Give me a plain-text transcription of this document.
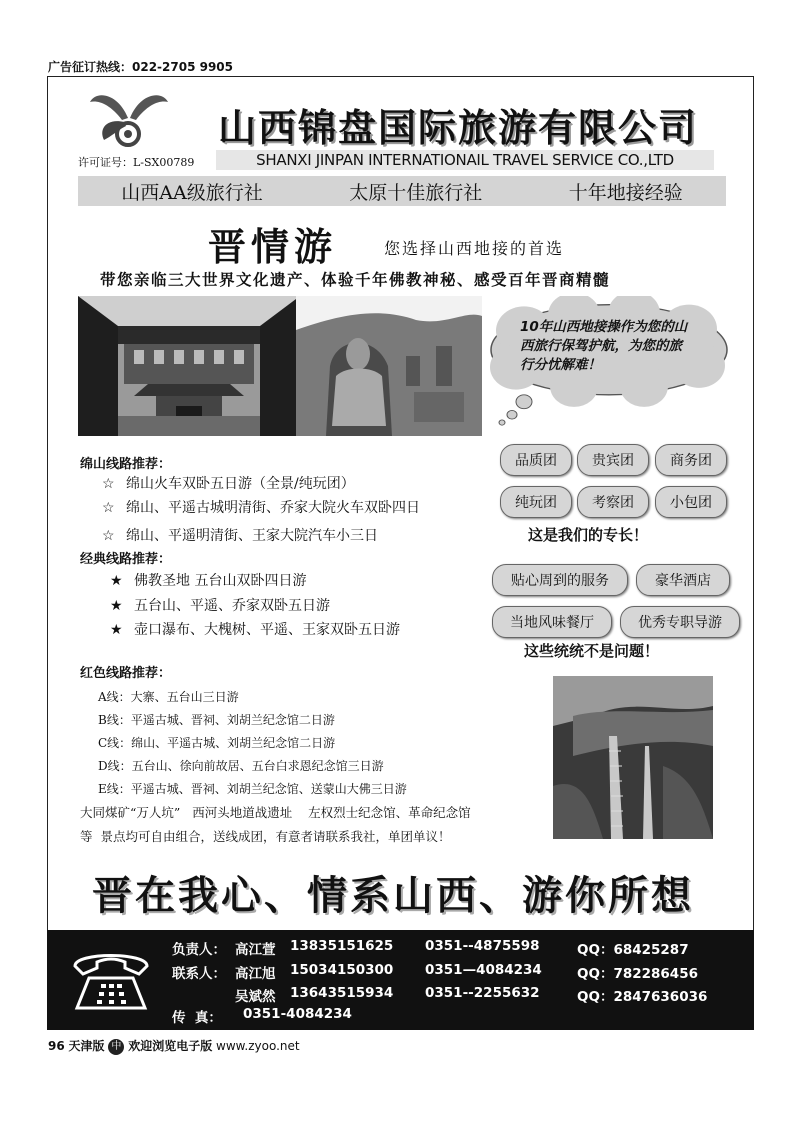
广告征订热线：022-2705 9905
山西锦盘国际旅游有限公司
许可证号：L-SX00789	SHANXI JINPAN INTERNATIONAIL TRAVEL SERVICE CO.,LTD
山西AA级旅行社	太原十佳旅行社	十年地接经验
晋情游	您选择山西地接的首选
带您亲临三大世界文化遗产、体验千年佛教神秘、感受百年晋商精髓
10年山西地接操作为您的山西旅行保驾护航，为您的旅行分忧解难！
品质团	贵宾团	商务团
纯玩团	考察团	小包团
这是我们的专长！
贴心周到的服务	豪华酒店
当地风味餐厅	优秀专职导游
这些统统不是问题！
绵山线路推荐：
☆ 绵山火车双卧五日游（全景/纯玩团）
☆ 绵山、平遥古城明清街、乔家大院火车双卧四日
☆ 绵山、平遥明清街、王家大院汽车小三日
经典线路推荐：
★ 佛教圣地 五台山双卧四日游
★ 五台山、平遥、乔家双卧五日游
★ 壶口瀑布、大槐树、平遥、王家双卧五日游
红色线路推荐：
A线：大寨、五台山三日游
B线：平遥古城、晋祠、刘胡兰纪念馆二日游
C线：绵山、平遥古城、刘胡兰纪念馆二日游
D线：五台山、徐向前故居、五台白求恩纪念馆三日游
E线：平遥古城、晋祠、刘胡兰纪念馆、送蒙山大佛三日游
大同煤矿“万人坑”   西河头地道战遗址    左权烈士纪念馆、革命纪念馆
等  景点均可自由组合，送线成团，有意者请联系我社，单团单议！
晋在我心、情系山西、游你所想
负责人： 高江萱 13835151625 0351--4875598	QQ：68425287
联系人： 高江旭 15034150300 0351—4084234	QQ：782286456
吴斌然 13643515934 0351--2255632	QQ：2847636036
传  真： 0351-4084234
96 天津版 中 欢迎浏览电子版 www.zyoo.net
